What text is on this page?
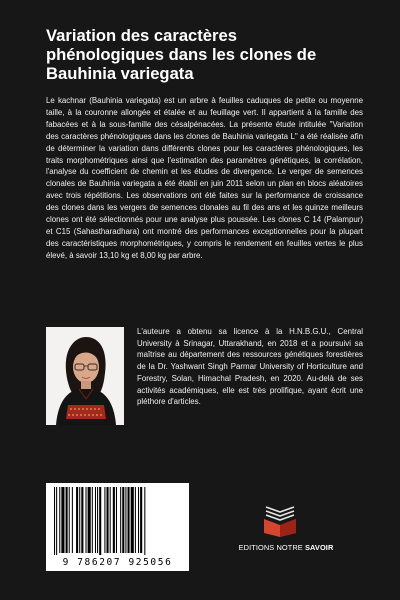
Variation des caractères
phénologiques dans les clones de
Bauhinia variegata

Le kachnar (Bauhinia variegata) est un arbre à feuilles caduques de petite ou moyenne taille, à la couronne allongée et étalée et au feuillage vert. Il appartient à la famille des fabacées et à la sous-famille des césalpénacées. La présente étude intitulée "Variation des caractères phénologiques dans les clones de Bauhinia variegata L" a été réalisée afin de déterminer la variation dans différents clones pour les caractères phénologiques, les traits morphométriques ainsi que l'estimation des paramètres génétiques, la corrélation, l'analyse du coefficient de chemin et les études de divergence. Le verger de semences clonales de Bauhinia variegata a été établi en juin 2011 selon un plan en blocs aléatoires avec trois répétitions. Les observations ont été faites sur la performance de croissance des clones dans les vergers de semences clonales au fil des ans et les quinze meilleurs clones ont été sélectionnés pour une analyse plus poussée. Les clones C 14 (Palampur) et C15 (Sahastharadhara) ont montré des performances exceptionnelles pour la plupart des caractéristiques morphométriques, y compris le rendement en feuilles vertes le plus élevé, à savoir 13,10 kg et 8,00 kg par arbre.

L'auteure a obtenu sa licence à la H.N.B.G.U., Central University à Srinagar, Uttarakhand, en 2018 et a poursuivi sa maîtrise au département des ressources génétiques forestières de la Dr. Yashwant Singh Parmar University of Horticulture and Forestry, Solan, Himachal Pradesh, en 2020. Au-delà de ses activités académiques, elle est très prolifique, ayant écrit une pléthore d'articles.

9 786207 925056
EDITIONS NOTRE SAVOIR
